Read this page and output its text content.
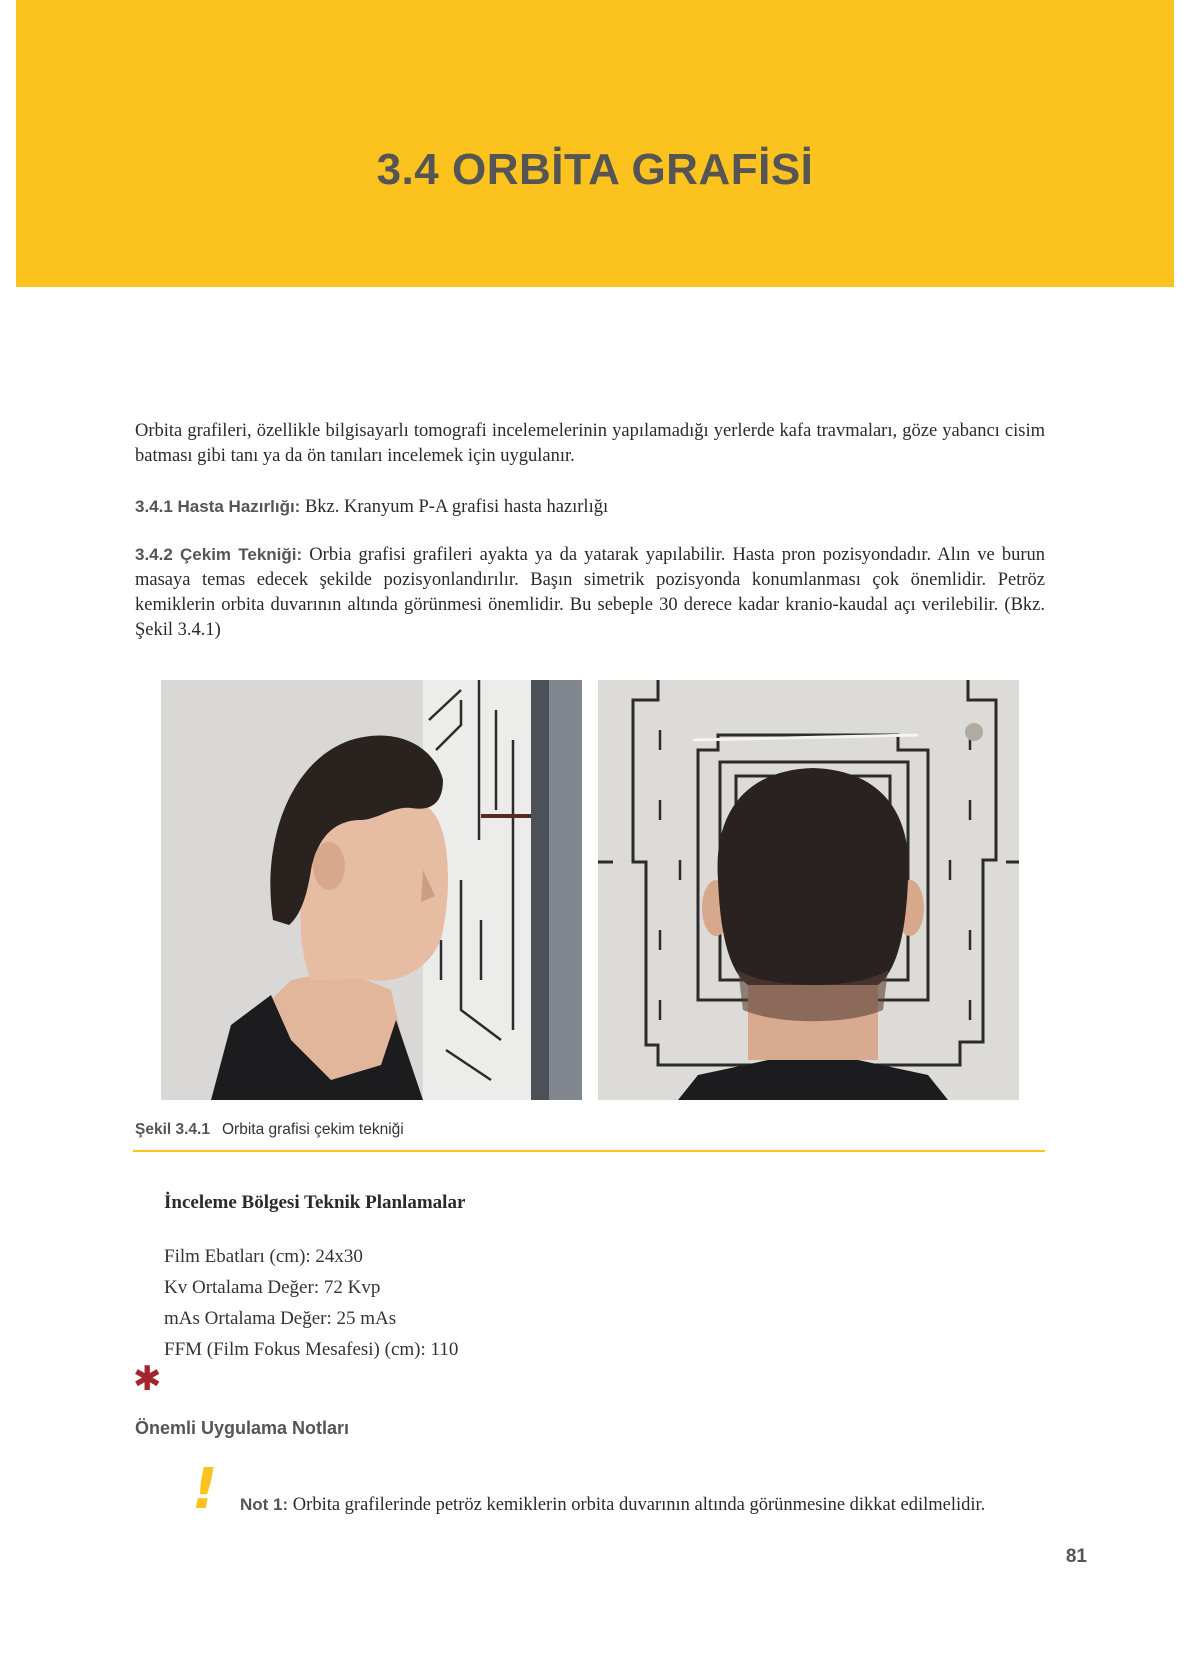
3.4 ORBİTA GRAFİSİ

Orbita grafileri, özellikle bilgisayarlı tomografi incelemelerinin yapılamadığı yerlerde kafa travmaları, göze yabancı cisim batması gibi tanı ya da ön tanıları incelemek için uygulanır.

3.4.1 Hasta Hazırlığı: Bkz. Kranyum P-A grafisi hasta hazırlığı

3.4.2 Çekim Tekniği: Orbia grafisi grafileri ayakta ya da yatarak yapılabilir. Hasta pron pozisyondadır. Alın ve burun masaya temas edecek şekilde pozisyonlandırılır. Başın simetrik pozisyonda konumlanması çok önemlidir. Petröz kemiklerin orbita duvarının altında görünmesi önemlidir. Bu sebeple 30 derece kadar kranio-kaudal açı verilebilir. (Bkz. Şekil 3.4.1)

Şekil 3.4.1 Orbita grafisi çekim tekniği
İnceleme Bölgesi Teknik Planlamalar
Film Ebatları (cm): 24x30
Kv Ortalama Değer: 72 Kvp
mAs Ortalama Değer: 25 mAs
FFM (Film Fokus Mesafesi) (cm): 110
✱
Önemli Uygulama Notları
!	Not 1: Orbita grafilerinde petröz kemiklerin orbita duvarının altında görünmesine dikkat edilmelidir.

81
